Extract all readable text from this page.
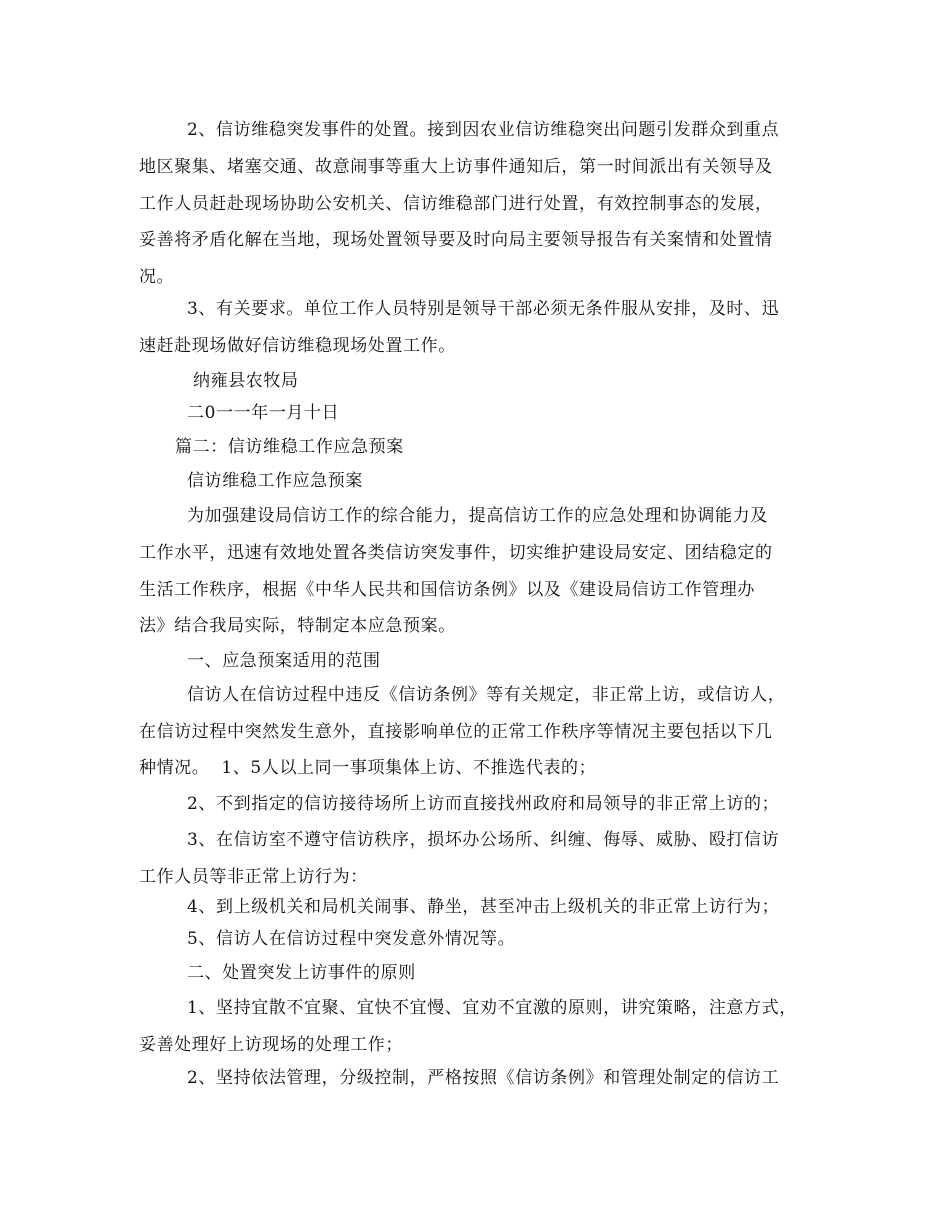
2、信访维稳突发事件的处置。接到因农业信访维稳突出问题引发群众到重点

地区聚集、堵塞交通、故意闹事等重大上访事件通知后，第一时间派出有关领导及

工作人员赶赴现场协助公安机关、信访维稳部门进行处置，有效控制事态的发展，

妥善将矛盾化解在当地，现场处置领导要及时向局主要领导报告有关案情和处置情

况。

3、有关要求。单位工作人员特别是领导干部必须无条件服从安排，及时、迅

速赶赴现场做好信访维稳现场处置工作。

纳雍县农牧局

二0一一年一月十日

篇二：信访维稳工作应急预案

信访维稳工作应急预案

为加强建设局信访工作的综合能力，提高信访工作的应急处理和协调能力及

工作水平，迅速有效地处置各类信访突发事件，切实维护建设局安定、团结稳定的

生活工作秩序，根据《中华人民共和国信访条例》以及《建设局信访工作管理办

法》结合我局实际，特制定本应急预案。

一、应急预案适用的范围

信访人在信访过程中违反《信访条例》等有关规定，非正常上访，或信访人，

在信访过程中突然发生意外，直接影响单位的正常工作秩序等情况主要包括以下几

种情况。  1、5人以上同一事项集体上访、不推选代表的；

2、不到指定的信访接待场所上访而直接找州政府和局领导的非正常上访的；

3、在信访室不遵守信访秩序，损坏办公场所、纠缠、侮辱、威胁、殴打信访

工作人员等非正常上访行为：

4、到上级机关和局机关闹事、静坐，甚至冲击上级机关的非正常上访行为；

5、信访人在信访过程中突发意外情况等。

二、处置突发上访事件的原则

1、坚持宜散不宜聚、宜快不宜慢、宜劝不宜激的原则，讲究策略，注意方式，

妥善处理好上访现场的处理工作；

2、坚持依法管理，分级控制，严格按照《信访条例》和管理处制定的信访工
